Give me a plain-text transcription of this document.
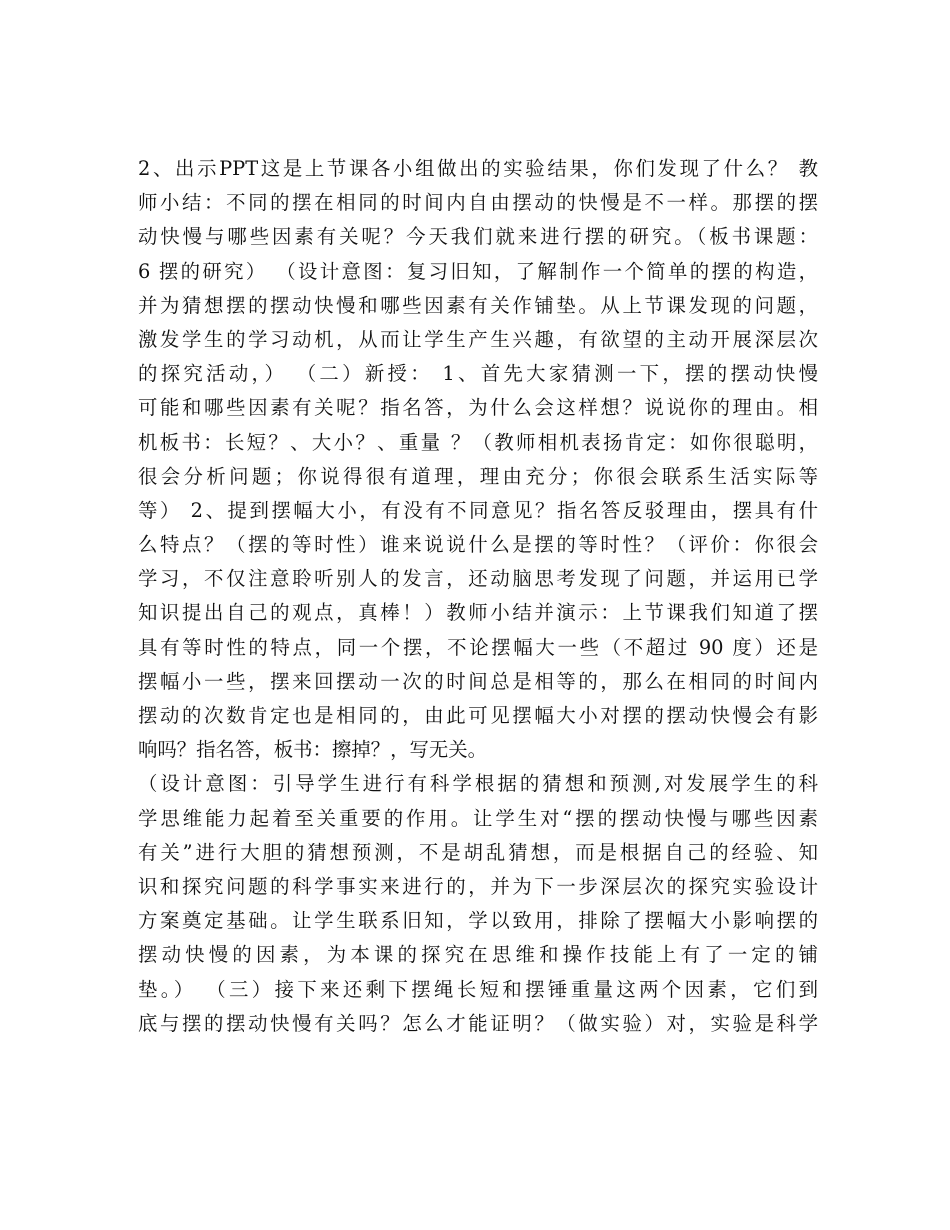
2、出示PPT这是上节课各小组做出的实验结果，你们发现了什么？ 教
师小结：不同的摆在相同的时间内自由摆动的快慢是不一样。那摆的摆
动快慢与哪些因素有关呢？今天我们就来进行摆的研究。（板书课题：
6 摆的研究） （设计意图：复习旧知，了解制作一个简单的摆的构造，
并为猜想摆的摆动快慢和哪些因素有关作铺垫。从上节课发现的问题，
激发学生的学习动机，从而让学生产生兴趣，有欲望的主动开展深层次
的探究活动，） （二）新授： 1、首先大家猜测一下，摆的摆动快慢
可能和哪些因素有关呢？指名答，为什么会这样想？说说你的理由。相
机板书：长短？、大小？、重量 ？（教师相机表扬肯定：如你很聪明，
很会分析问题；你说得很有道理，理由充分；你很会联系生活实际等
等） 2、提到摆幅大小，有没有不同意见？指名答反驳理由，摆具有什
么特点？（摆的等时性）谁来说说什么是摆的等时性？（评价：你很会
学习，不仅注意聆听别人的发言，还动脑思考发现了问题，并运用已学
知识提出自己的观点，真棒！）教师小结并演示：上节课我们知道了摆
具有等时性的特点，同一个摆，不论摆幅大一些（不超过 90 度）还是
摆幅小一些，摆来回摆动一次的时间总是相等的，那么在相同的时间内
摆动的次数肯定也是相同的，由此可见摆幅大小对摆的摆动快慢会有影
响吗？指名答，板书：擦掉？，写无关。
（设计意图：引导学生进行有科学根据的猜想和预测,对发展学生的科
学思维能力起着至关重要的作用。让学生对“摆的摆动快慢与哪些因素
有关”进行大胆的猜想预测，不是胡乱猜想，而是根据自己的经验、知
识和探究问题的科学事实来进行的，并为下一步深层次的探究实验设计
方案奠定基础。让学生联系旧知，学以致用，排除了摆幅大小影响摆的
摆动快慢的因素，为本课的探究在思维和操作技能上有了一定的铺
垫。） （三）接下来还剩下摆绳长短和摆锤重量这两个因素，它们到
底与摆的摆动快慢有关吗？怎么才能证明？（做实验）对，实验是科学
